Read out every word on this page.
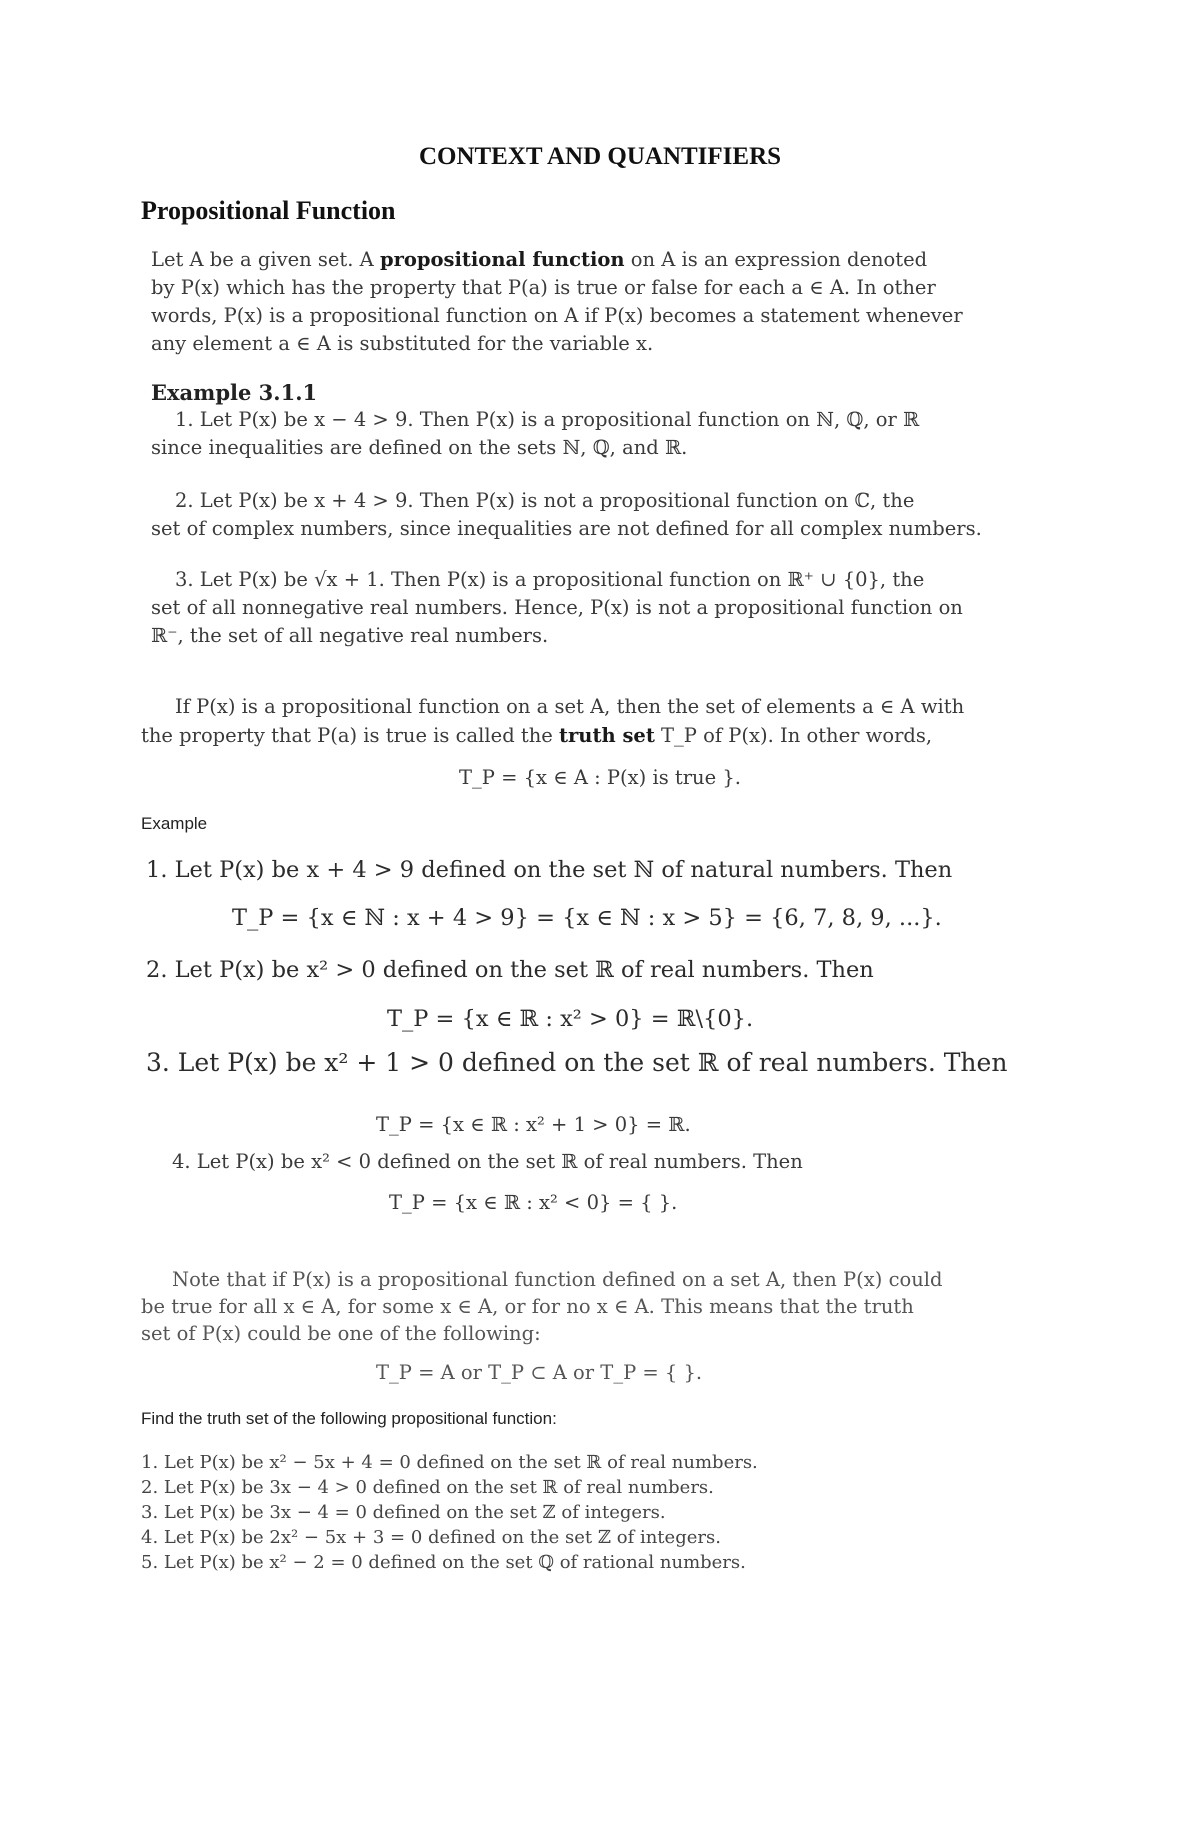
CONTEXT AND QUANTIFIERS
Propositional Function
Let A be a given set. A propositional function on A is an expression denoted
by P(x) which has the property that P(a) is true or false for each a ∈ A. In other
words, P(x) is a propositional function on A if P(x) becomes a statement whenever
any element a ∈ A is substituted for the variable x.
Example 3.1.1
1. Let P(x) be x − 4 > 9. Then P(x) is a propositional function on ℕ, ℚ, or ℝ
since inequalities are defined on the sets ℕ, ℚ, and ℝ.
2. Let P(x) be x + 4 > 9. Then P(x) is not a propositional function on ℂ, the
set of complex numbers, since inequalities are not defined for all complex numbers.
3. Let P(x) be √x + 1. Then P(x) is a propositional function on ℝ⁺ ∪ {0}, the
set of all nonnegative real numbers. Hence, P(x) is not a propositional function on
ℝ⁻, the set of all negative real numbers.
If P(x) is a propositional function on a set A, then the set of elements a ∈ A with
the property that P(a) is true is called the truth set T_P of P(x). In other words,
T_P = {x ∈ A : P(x) is true }.
Example
1. Let P(x) be x + 4 > 9 defined on the set ℕ of natural numbers. Then
T_P = {x ∈ ℕ : x + 4 > 9} = {x ∈ ℕ : x > 5} = {6, 7, 8, 9, ...}.
2. Let P(x) be x² > 0 defined on the set ℝ of real numbers. Then
T_P = {x ∈ ℝ : x² > 0} = ℝ\{0}.
3. Let P(x) be x² + 1 > 0 defined on the set ℝ of real numbers. Then
T_P = {x ∈ ℝ : x² + 1 > 0} = ℝ.
4. Let P(x) be x² < 0 defined on the set ℝ of real numbers. Then
T_P = {x ∈ ℝ : x² < 0} = { }.
Note that if P(x) is a propositional function defined on a set A, then P(x) could
be true for all x ∈ A, for some x ∈ A, or for no x ∈ A. This means that the truth
set of P(x) could be one of the following:
T_P = A or T_P ⊂ A or T_P = { }.
Find the truth set of the following propositional function:
1. Let P(x) be x² − 5x + 4 = 0 defined on the set ℝ of real numbers.
2. Let P(x) be 3x − 4 > 0 defined on the set ℝ of real numbers.
3. Let P(x) be 3x − 4 = 0 defined on the set ℤ of integers.
4. Let P(x) be 2x² − 5x + 3 = 0 defined on the set ℤ of integers.
5. Let P(x) be x² − 2 = 0 defined on the set ℚ of rational numbers.
